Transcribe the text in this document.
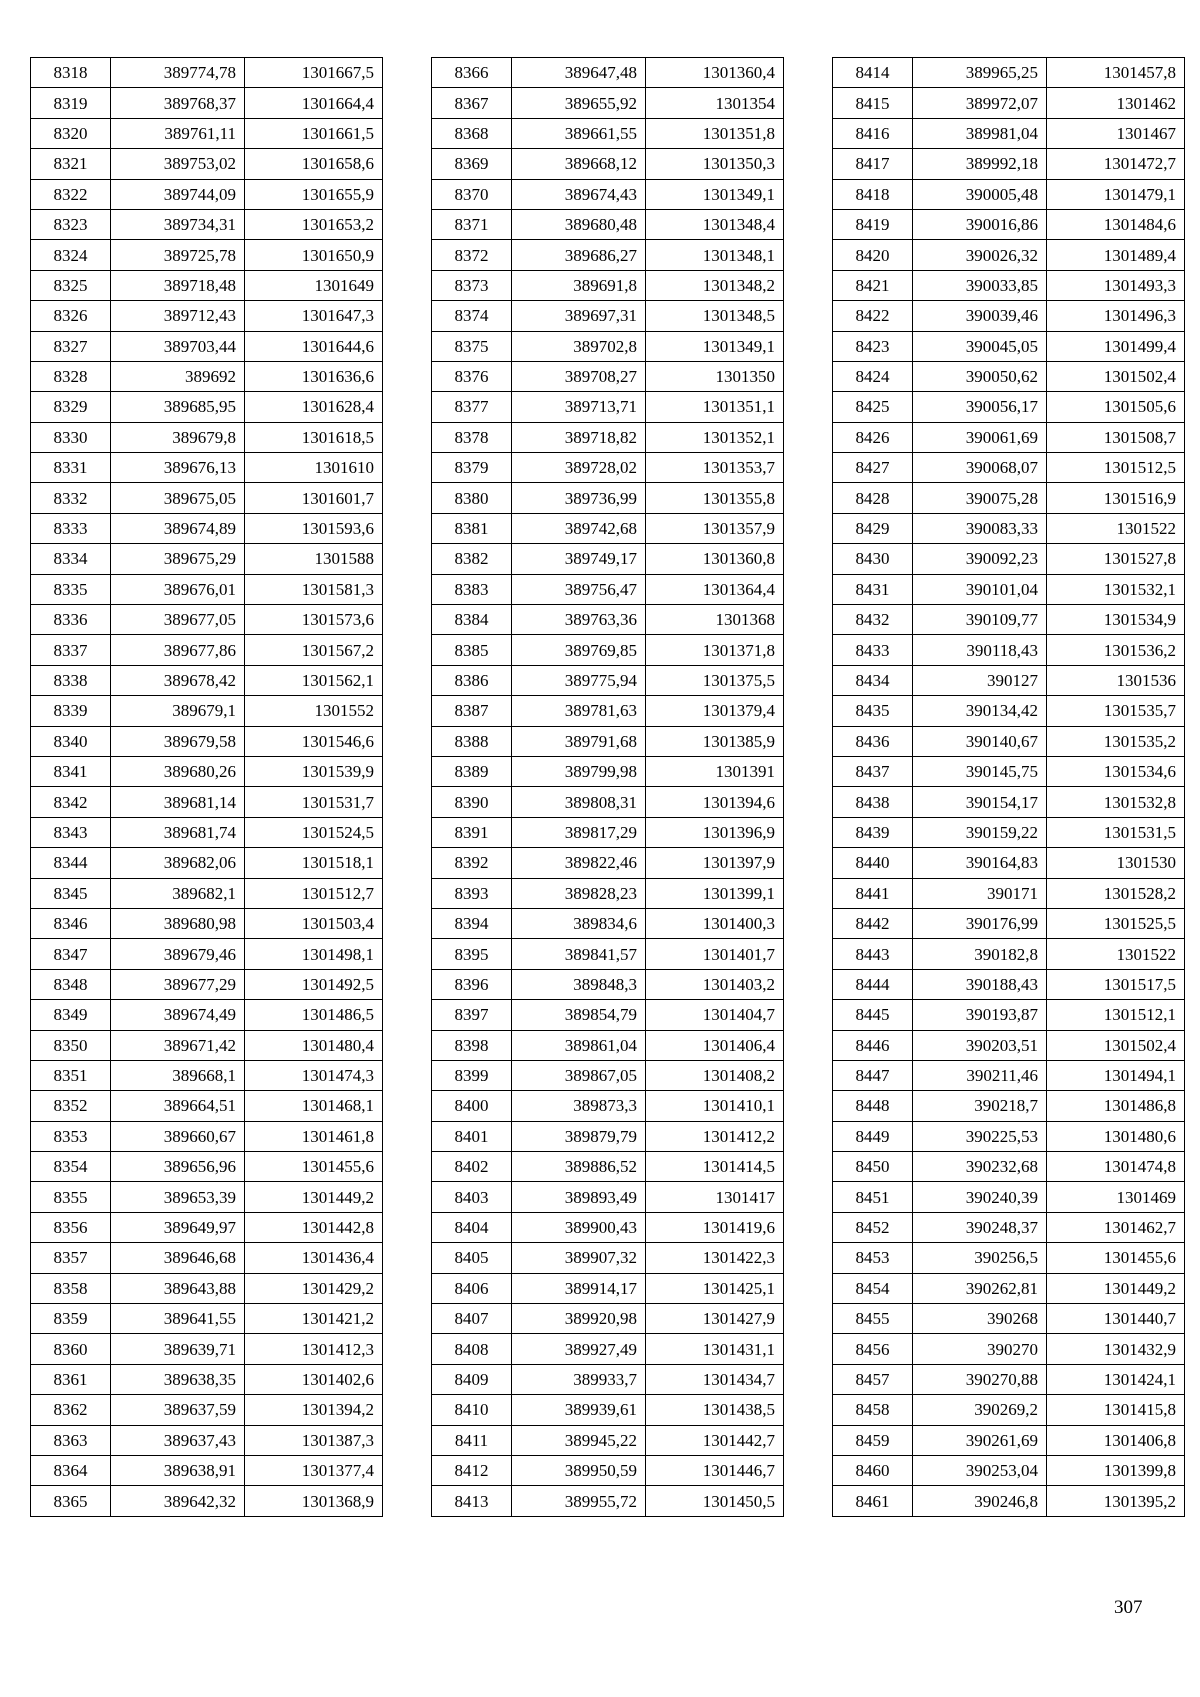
8318	389774,78	1301667,5
8319	389768,37	1301664,4
8320	389761,11	1301661,5
8321	389753,02	1301658,6
8322	389744,09	1301655,9
8323	389734,31	1301653,2
8324	389725,78	1301650,9
8325	389718,48	1301649
8326	389712,43	1301647,3
8327	389703,44	1301644,6
8328	389692	1301636,6
8329	389685,95	1301628,4
8330	389679,8	1301618,5
8331	389676,13	1301610
8332	389675,05	1301601,7
8333	389674,89	1301593,6
8334	389675,29	1301588
8335	389676,01	1301581,3
8336	389677,05	1301573,6
8337	389677,86	1301567,2
8338	389678,42	1301562,1
8339	389679,1	1301552
8340	389679,58	1301546,6
8341	389680,26	1301539,9
8342	389681,14	1301531,7
8343	389681,74	1301524,5
8344	389682,06	1301518,1
8345	389682,1	1301512,7
8346	389680,98	1301503,4
8347	389679,46	1301498,1
8348	389677,29	1301492,5
8349	389674,49	1301486,5
8350	389671,42	1301480,4
8351	389668,1	1301474,3
8352	389664,51	1301468,1
8353	389660,67	1301461,8
8354	389656,96	1301455,6
8355	389653,39	1301449,2
8356	389649,97	1301442,8
8357	389646,68	1301436,4
8358	389643,88	1301429,2
8359	389641,55	1301421,2
8360	389639,71	1301412,3
8361	389638,35	1301402,6
8362	389637,59	1301394,2
8363	389637,43	1301387,3
8364	389638,91	1301377,4
8365	389642,32	1301368,9
8366	389647,48	1301360,4
8367	389655,92	1301354
8368	389661,55	1301351,8
8369	389668,12	1301350,3
8370	389674,43	1301349,1
8371	389680,48	1301348,4
8372	389686,27	1301348,1
8373	389691,8	1301348,2
8374	389697,31	1301348,5
8375	389702,8	1301349,1
8376	389708,27	1301350
8377	389713,71	1301351,1
8378	389718,82	1301352,1
8379	389728,02	1301353,7
8380	389736,99	1301355,8
8381	389742,68	1301357,9
8382	389749,17	1301360,8
8383	389756,47	1301364,4
8384	389763,36	1301368
8385	389769,85	1301371,8
8386	389775,94	1301375,5
8387	389781,63	1301379,4
8388	389791,68	1301385,9
8389	389799,98	1301391
8390	389808,31	1301394,6
8391	389817,29	1301396,9
8392	389822,46	1301397,9
8393	389828,23	1301399,1
8394	389834,6	1301400,3
8395	389841,57	1301401,7
8396	389848,3	1301403,2
8397	389854,79	1301404,7
8398	389861,04	1301406,4
8399	389867,05	1301408,2
8400	389873,3	1301410,1
8401	389879,79	1301412,2
8402	389886,52	1301414,5
8403	389893,49	1301417
8404	389900,43	1301419,6
8405	389907,32	1301422,3
8406	389914,17	1301425,1
8407	389920,98	1301427,9
8408	389927,49	1301431,1
8409	389933,7	1301434,7
8410	389939,61	1301438,5
8411	389945,22	1301442,7
8412	389950,59	1301446,7
8413	389955,72	1301450,5
8414	389965,25	1301457,8
8415	389972,07	1301462
8416	389981,04	1301467
8417	389992,18	1301472,7
8418	390005,48	1301479,1
8419	390016,86	1301484,6
8420	390026,32	1301489,4
8421	390033,85	1301493,3
8422	390039,46	1301496,3
8423	390045,05	1301499,4
8424	390050,62	1301502,4
8425	390056,17	1301505,6
8426	390061,69	1301508,7
8427	390068,07	1301512,5
8428	390075,28	1301516,9
8429	390083,33	1301522
8430	390092,23	1301527,8
8431	390101,04	1301532,1
8432	390109,77	1301534,9
8433	390118,43	1301536,2
8434	390127	1301536
8435	390134,42	1301535,7
8436	390140,67	1301535,2
8437	390145,75	1301534,6
8438	390154,17	1301532,8
8439	390159,22	1301531,5
8440	390164,83	1301530
8441	390171	1301528,2
8442	390176,99	1301525,5
8443	390182,8	1301522
8444	390188,43	1301517,5
8445	390193,87	1301512,1
8446	390203,51	1301502,4
8447	390211,46	1301494,1
8448	390218,7	1301486,8
8449	390225,53	1301480,6
8450	390232,68	1301474,8
8451	390240,39	1301469
8452	390248,37	1301462,7
8453	390256,5	1301455,6
8454	390262,81	1301449,2
8455	390268	1301440,7
8456	390270	1301432,9
8457	390270,88	1301424,1
8458	390269,2	1301415,8
8459	390261,69	1301406,8
8460	390253,04	1301399,8
8461	390246,8	1301395,2
307
